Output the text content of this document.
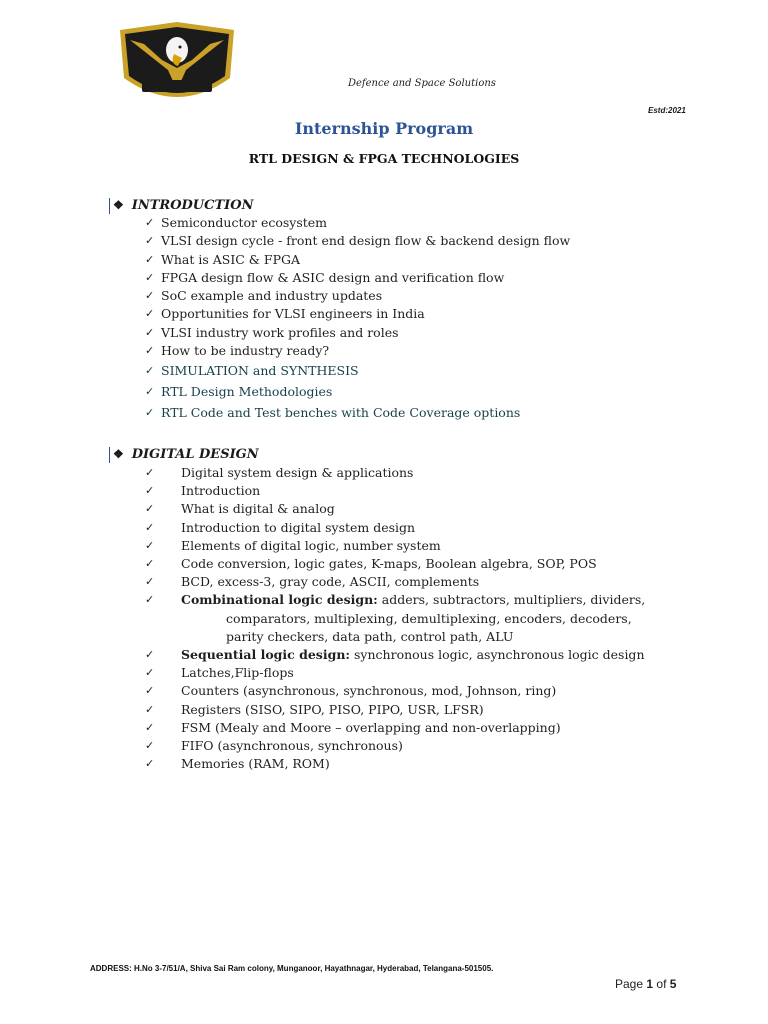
Defence and Space Solutions
Estd:2021
Internship Program
RTL DESIGN & FPGA TECHNOLOGIES
❖ INTRODUCTION
✓ Semiconductor ecosystem
✓ VLSI design cycle - front end design flow & backend design flow
✓ What is ASIC & FPGA
✓ FPGA design flow & ASIC design and verification flow
✓ SoC example and industry updates
✓ Opportunities for VLSI engineers in India
✓ VLSI industry work profiles and roles
✓ How to be industry ready?
✓ SIMULATION and SYNTHESIS
✓ RTL Design Methodologies
✓ RTL Code and Test benches with Code Coverage options
❖ DIGITAL DESIGN
✓ Digital system design & applications
✓ Introduction
✓ What is digital & analog
✓ Introduction to digital system design
✓ Elements of digital logic, number system
✓ Code conversion, logic gates, K-maps, Boolean algebra, SOP, POS
✓ BCD, excess-3, gray code, ASCII, complements
✓ Combinational logic design: adders, subtractors, multipliers, dividers,
comparators, multiplexing, demultiplexing, encoders, decoders,
parity checkers, data path, control path, ALU
✓ Sequential logic design: synchronous logic, asynchronous logic design
✓ Latches,Flip-flops
✓ Counters (asynchronous, synchronous, mod, Johnson, ring)
✓ Registers (SISO, SIPO, PISO, PIPO, USR, LFSR)
✓ FSM (Mealy and Moore – overlapping and non-overlapping)
✓ FIFO (asynchronous, synchronous)
✓ Memories (RAM, ROM)
ADDRESS: H.No 3-7/51/A, Shiva Sai Ram colony, Munganoor, Hayathnagar, Hyderabad, Telangana-501505.
Page 1 of 5
